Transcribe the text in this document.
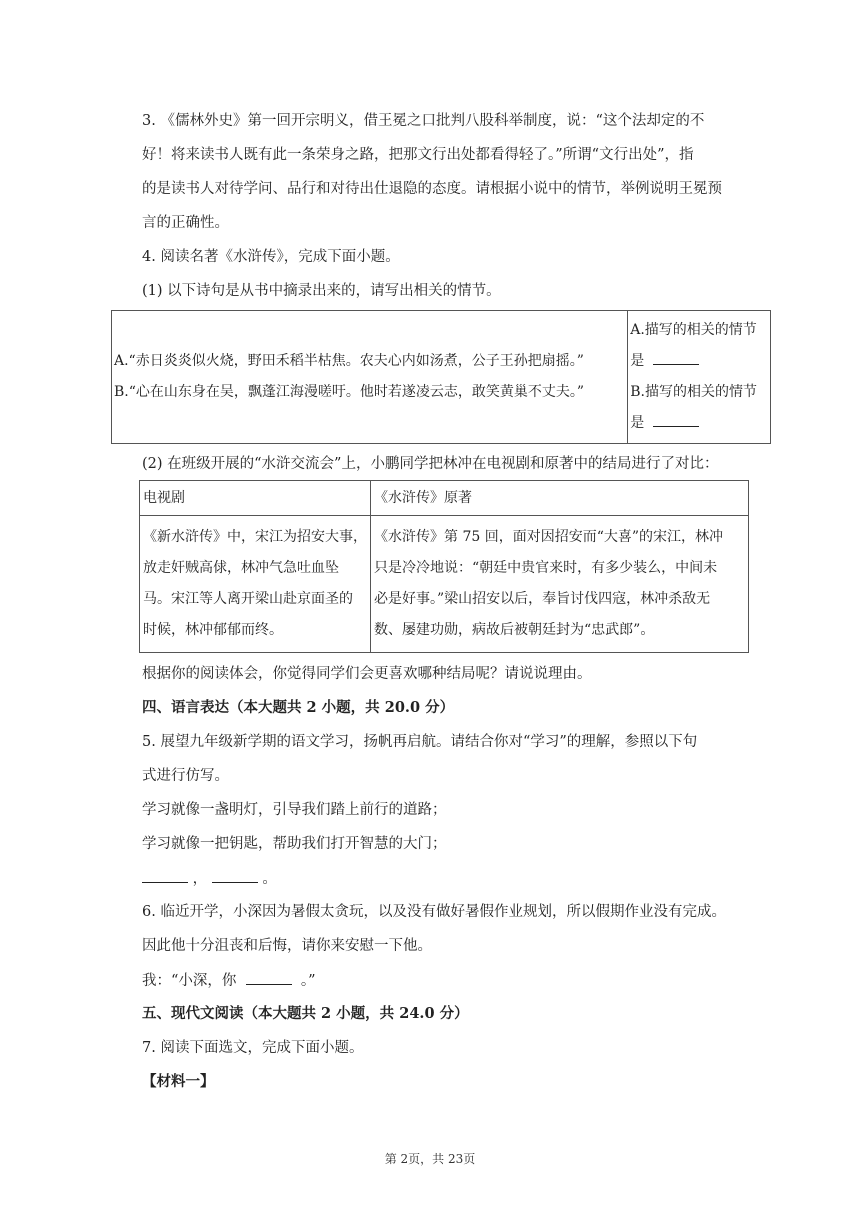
3. 《儒林外史》第一回开宗明义，借王冕之口批判八股科举制度，说：“这个法却定的不
好！将来读书人既有此一条荣身之路，把那文行出处都看得轻了。”所谓“文行出处”，指
的是读书人对待学问、品行和对待出仕退隐的态度。请根据小说中的情节，举例说明王冕预
言的正确性。
4. 阅读名著《水浒传》，完成下面小题。
(1) 以下诗句是从书中摘录出来的，请写出相关的情节。
A.“赤日炎炎似火烧，野田禾稻半枯焦。农夫心内如汤煮，公子王孙把扇摇。”
B.“心在山东身在吴，飘蓬江海漫嗟吁。他时若遂凌云志，敢笑黄巢不丈夫。”

A.描写的相关的情节
是
B.描写的相关的情节
是
(2) 在班级开展的“水浒交流会”上，小鹏同学把林冲在电视剧和原著中的结局进行了对比：
电视剧	《水浒传》原著

《新水浒传》中，宋江为招安大事，
放走奸贼高俅，林冲气急吐血坠
马。宋江等人离开梁山赴京面圣的
时候，林冲郁郁而终。	《水浒传》第 75 回，面对因招安而“大喜”的宋江，林冲
只是冷冷地说：“朝廷中贵官来时，有多少装么，中间未
必是好事。”梁山招安以后，奉旨讨伐四寇，林冲杀敌无
数、屡建功勋，病故后被朝廷封为“忠武郎”。
根据你的阅读体会，你觉得同学们会更喜欢哪种结局呢？请说说理由。
四、语言表达（本大题共 2 小题，共 20.0 分）
5. 展望九年级新学期的语文学习，扬帆再启航。请结合你对“学习”的理解，参照以下句
式进行仿写。
学习就像一盏明灯，引导我们踏上前行的道路；
学习就像一把钥匙，帮助我们打开智慧的大门；
，	。
6. 临近开学，小深因为暑假太贪玩，以及没有做好暑假作业规划，所以假期作业没有完成。
因此他十分沮丧和后悔，请你来安慰一下他。
我：“小深，你	。”
五、现代文阅读（本大题共 2 小题，共 24.0 分）
7. 阅读下面选文，完成下面小题。
【材料一】
第 2页，共 23页
